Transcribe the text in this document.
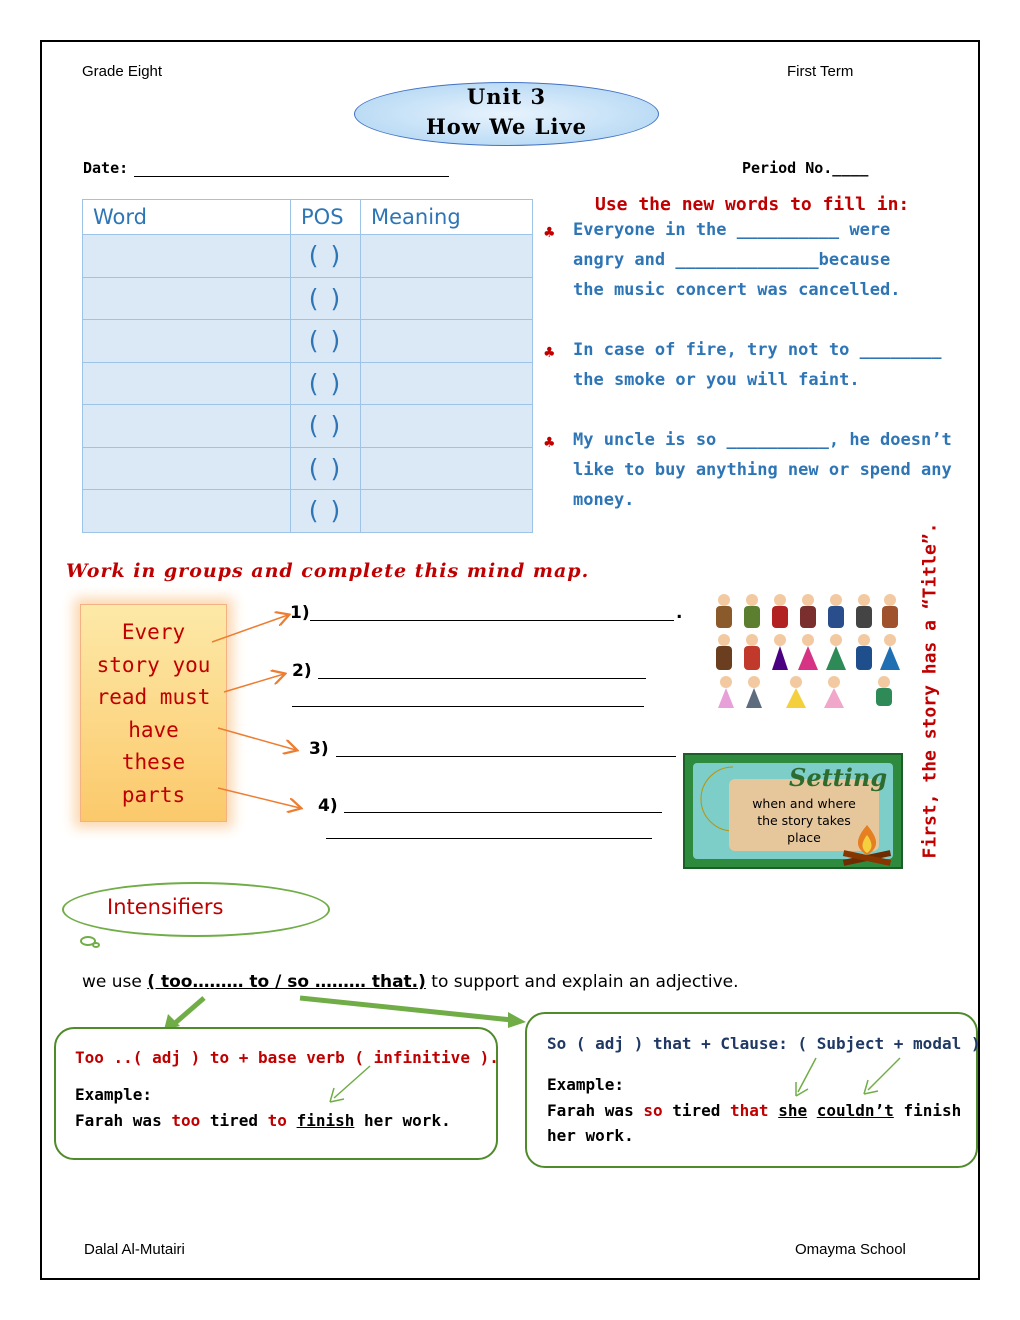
Grade Eight	First Term
Unit 3
How We Live
Date:	Period No.____
Word	POS	Meaning
	( )	
	( )	
	( )	
	( )	
	( )	
	( )	
	( )	
Use the new words to fill in:
♣ Everyone in the __________ were
angry and ______________because
the music concert was cancelled.
♣ In case of fire, try not to ________
the smoke or you will faint.
♣ My uncle is so __________, he doesn’t
like to buy anything new or spend any
money.
Work in groups and complete this mind map.
Every
story you
read must
have
these
parts
1)	.
2)
3)
4)
Setting
when and where
the story takes
place	First, the story has a “Title”.
Intensifiers
we use ( too……… to / so ……… that.) to support and explain an adjective.
Too ..( adj ) to + base verb ( infinitive ).
Example:
Farah was too tired to finish her work.
So ( adj ) that + Clause: ( Subject + modal )
Example:
Farah was so tired that she couldn’t finish
her work.
Dalal Al-Mutairi	Omayma School
